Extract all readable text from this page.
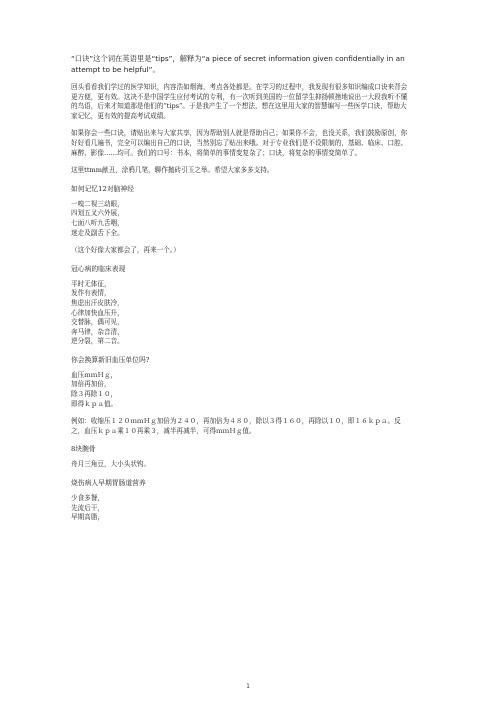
“口诀”这个词在英语里是“tips”，解释为“a piece of secret information given confidentially in an attempt to be helpful”。

回头看看我们学过的医学知识，内容浩如烟海，考点各处都是。在学习的过程中，我发现有很多知识编成口诀来背会更方便，更有效。这决不是中国学生应付考试的专利，有一次听到美国的一位留学生抑扬顿挫地说出一大段我听不懂的鸟语，后来才知道那是他们的“tips”。于是我产生了一个想法，想在这里用大家的智慧编写一些医学口诀，帮助大家记忆，更有效的提高考试成绩。

如果你会一些口诀，请贴出来与大家共享，因为帮助别人就是帮助自己；如果你不会，也没关系，我们鼓励原创，你好好看几遍书，完全可以编出自己的口诀，当然别忘了贴出来哦。对于专业我们是不设限制的，基础、临床、口腔、麻醉、影像……均可。我们的口号：书本，将简单的事情变复杂了；口诀，将复杂的事情变简单了。

这里ttmm献丑，涂鸦几笔，聊作抛砖引玉之举。希望大家多多支持。

如何记忆12对脑神经

一嗅二视三动眼，
四划五叉六外展，
七面八听九舌咽，
迷走及副舌下全。

（这个好像大家都会了，再来一个。）

冠心病的临床表现

平时无体征，
发作有表情，
焦虑出汗皮肤冷，
心律加快血压升，
交替脉，偶可见，
奔马律，杂音清，
逆分裂，第二音。

你会换算新旧血压单位吗?

血压ｍｍＨｇ，
加倍再加倍，
除３再除１０，
即得ｋｐａ值。

例如：收缩压１２０ｍｍＨｇ加倍为２４０，再加倍为４８０，除以３得１６０，再除以１０，即１６ｋｐａ。反之，血压ｋｐａ乘１０再乘３，减半再减半，可得ｍｍＨｇ值。

8块腕骨

舟月三角豆，大小头状钩。

烧伤病人早期胃肠道营养

少食多餐，
先流后干，
早期高脂，
1
